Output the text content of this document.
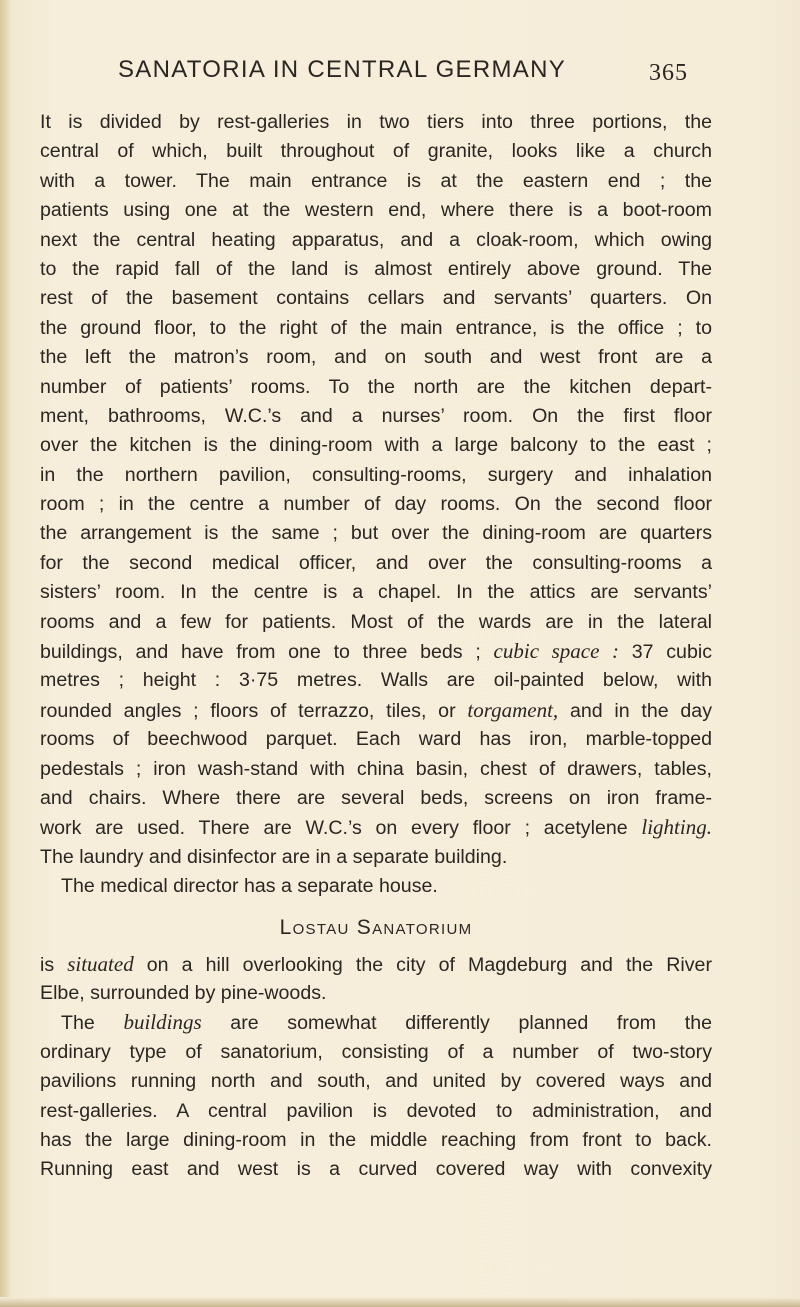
SANATORIA IN CENTRAL GERMANY	365
It is divided by rest-galleries in two tiers into three portions, the
central of which, built throughout of granite, looks like a church
with a tower. The main entrance is at the eastern end ; the
patients using one at the western end, where there is a boot-room
next the central heating apparatus, and a cloak-room, which owing
to the rapid fall of the land is almost entirely above ground. The
rest of the basement contains cellars and servants’ quarters. On
the ground floor, to the right of the main entrance, is the office ; to
the left the matron’s room, and on south and west front are a
number of patients’ rooms. To the north are the kitchen depart-
ment, bathrooms, W.C.’s and a nurses’ room. On the first floor
over the kitchen is the dining-room with a large balcony to the east ;
in the northern pavilion, consulting-rooms, surgery and inhalation
room ; in the centre a number of day rooms. On the second floor
the arrangement is the same ; but over the dining-room are quarters
for the second medical officer, and over the consulting-rooms a
sisters’ room. In the centre is a chapel. In the attics are servants’
rooms and a few for patients. Most of the wards are in the lateral
buildings, and have from one to three beds ; cubic space : 37 cubic
metres ; height : 3·75 metres. Walls are oil-painted below, with
rounded angles ; floors of terrazzo, tiles, or torgament, and in the day
rooms of beechwood parquet. Each ward has iron, marble-topped
pedestals ; iron wash-stand with china basin, chest of drawers, tables,
and chairs. Where there are several beds, screens on iron frame-
work are used. There are W.C.’s on every floor ; acetylene lighting.
The laundry and disinfector are in a separate building.
The medical director has a separate house.
Lostau Sanatorium
is situated on a hill overlooking the city of Magdeburg and the River
Elbe, surrounded by pine-woods.
The buildings are somewhat differently planned from the
ordinary type of sanatorium, consisting of a number of two-story
pavilions running north and south, and united by covered ways and
rest-galleries. A central pavilion is devoted to administration, and
has the large dining-room in the middle reaching from front to back.
Running east and west is a curved covered way with convexity
